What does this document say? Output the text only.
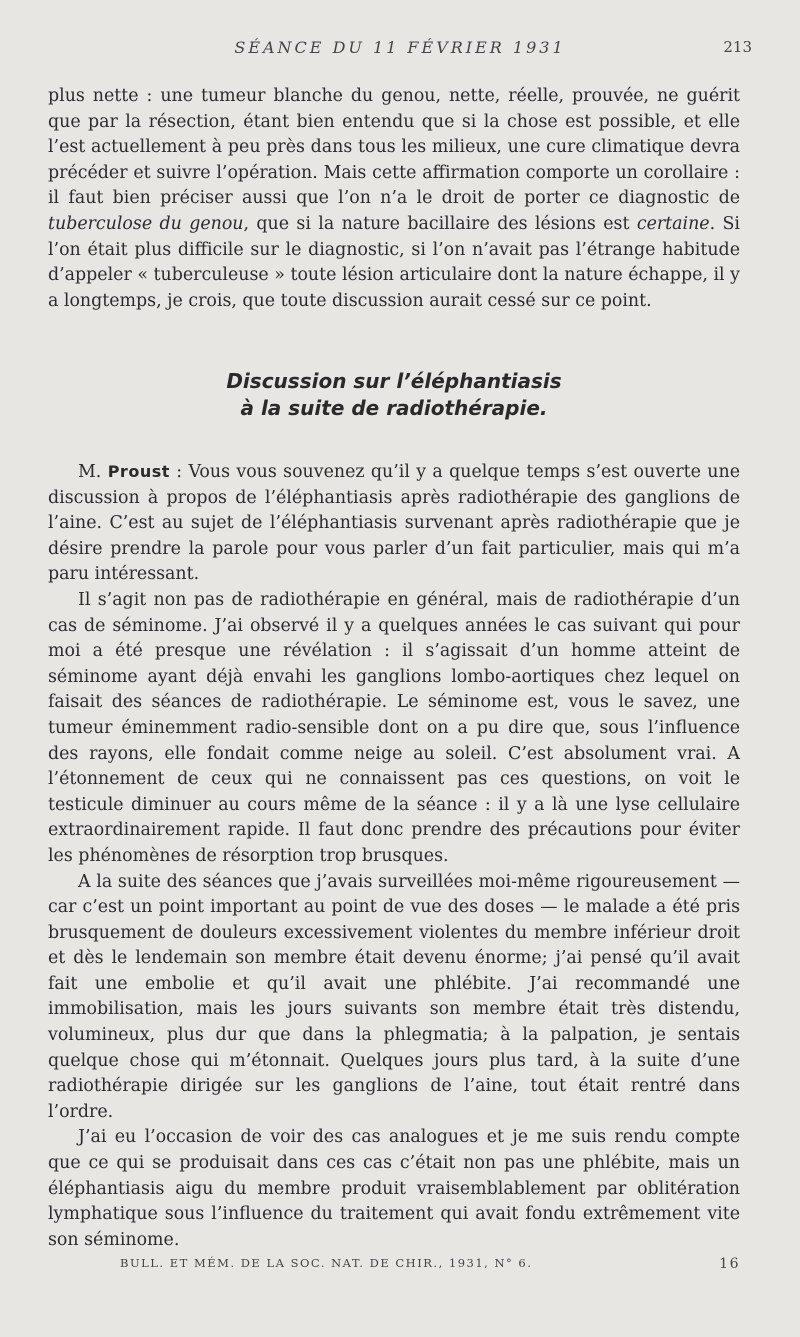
SÉANCE DU 11 FÉVRIER 1931	213

plus nette : une tumeur blanche du genou, nette, réelle, prouvée, ne guérit que par la résection, étant bien entendu que si la chose est possible, et elle l’est actuellement à peu près dans tous les milieux, une cure climatique devra précéder et suivre l’opération. Mais cette affirmation comporte un corollaire : il faut bien préciser aussi que l’on n’a le droit de porter ce diagnostic de tuberculose du genou, que si la nature bacillaire des lésions est certaine. Si l’on était plus difficile sur le diagnostic, si l’on n’avait pas l’étrange habitude d’appeler « tuberculeuse » toute lésion articulaire dont la nature échappe, il y a longtemps, je crois, que toute discussion aurait cessé sur ce point.

Discussion sur l’éléphantiasis
à la suite de radiothérapie.

M. Proust : Vous vous souvenez qu’il y a quelque temps s’est ouverte une discussion à propos de l’éléphantiasis après radiothérapie des ganglions de l’aine. C’est au sujet de l’éléphantiasis survenant après radiothérapie que je désire prendre la parole pour vous parler d’un fait particulier, mais qui m’a paru intéressant.

Il s’agit non pas de radiothérapie en général, mais de radiothérapie d’un cas de séminome. J’ai observé il y a quelques années le cas suivant qui pour moi a été presque une révélation : il s’agissait d’un homme atteint de séminome ayant déjà envahi les ganglions lombo-aortiques chez lequel on faisait des séances de radiothérapie. Le séminome est, vous le savez, une tumeur éminemment radio-sensible dont on a pu dire que, sous l’influence des rayons, elle fondait comme neige au soleil. C’est absolument vrai. A l’étonnement de ceux qui ne connaissent pas ces questions, on voit le testicule diminuer au cours même de la séance : il y a là une lyse cellulaire extraordinairement rapide. Il faut donc prendre des précautions pour éviter les phénomènes de résorption trop brusques.

A la suite des séances que j’avais surveillées moi-même rigoureusement — car c’est un point important au point de vue des doses — le malade a été pris brusquement de douleurs excessivement violentes du membre inférieur droit et dès le lendemain son membre était devenu énorme; j’ai pensé qu’il avait fait une embolie et qu’il avait une phlébite. J’ai recommandé une immobilisation, mais les jours suivants son membre était très distendu, volumineux, plus dur que dans la phlegmatia; à la palpation, je sentais quelque chose qui m’étonnait. Quelques jours plus tard, à la suite d’une radiothérapie dirigée sur les ganglions de l’aine, tout était rentré dans l’ordre.

J’ai eu l’occasion de voir des cas analogues et je me suis rendu compte que ce qui se produisait dans ces cas c’était non pas une phlébite, mais un éléphantiasis aigu du membre produit vraisemblablement par oblitération lymphatique sous l’influence du traitement qui avait fondu extrêmement vite son séminome.

BULL. ET MÉM. DE LA SOC. NAT. DE CHIR., 1931, N° 6.	16
